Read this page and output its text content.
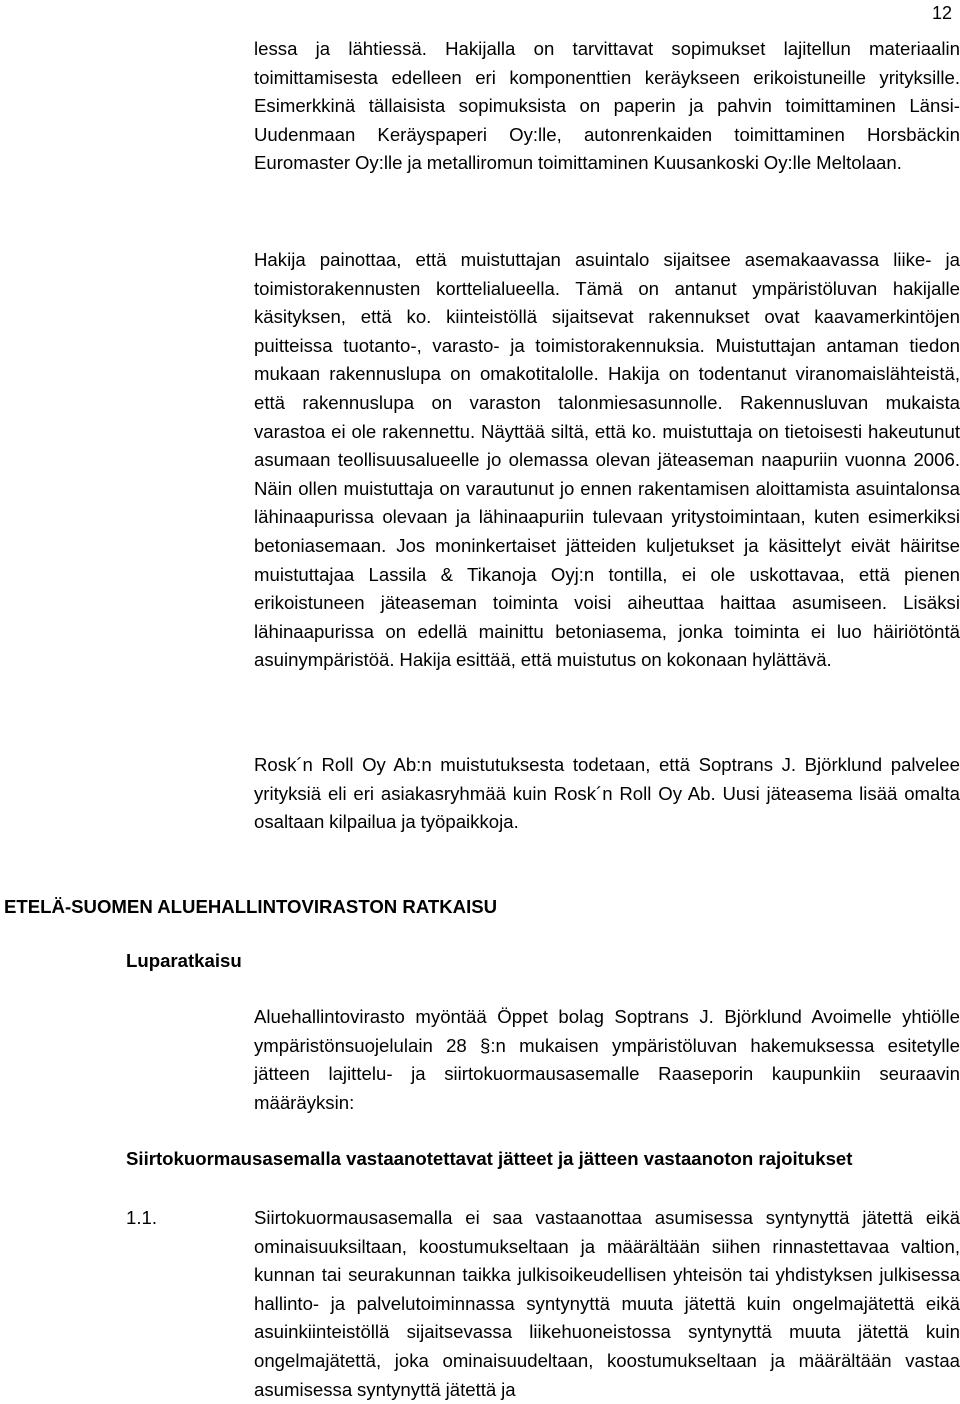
12
lessa ja lähtiessä. Hakijalla on tarvittavat sopimukset lajitellun materiaalin toimittamisesta edelleen eri komponenttien keräykseen erikoistuneille yrityksille. Esimerkkinä tällaisista sopimuksista on paperin ja pahvin toimittaminen Länsi-Uudenmaan Keräyspaperi Oy:lle, autonrenkaiden toimittaminen Horsbäckin Euromaster Oy:lle ja metalliromun toimittaminen Kuusankoski Oy:lle Meltolaan.
Hakija painottaa, että muistuttajan asuintalo sijaitsee asemakaavassa liike- ja toimistorakennusten korttelialueella. Tämä on antanut ympäristöluvan hakijalle käsityksen, että ko. kiinteistöllä sijaitsevat rakennukset ovat kaavamerkintöjen puitteissa tuotanto-, varasto- ja toimistorakennuksia. Muistuttajan antaman tiedon mukaan rakennuslupa on omakotitalolle. Hakija on todentanut viranomaislähteistä, että rakennuslupa on varaston talonmiesasunnolle. Rakennusluvan mukaista varastoa ei ole rakennettu. Näyttää siltä, että ko. muistuttaja on tietoisesti hakeutunut asumaan teollisuusalueelle jo olemassa olevan jäteaseman naapuriin vuonna 2006. Näin ollen muistuttaja on varautunut jo ennen rakentamisen aloittamista asuintalonsa lähinaapurissa olevaan ja lähinaapuriin tulevaan yritystoimintaan, kuten esimerkiksi betoniasemaan. Jos moninkertaiset jätteiden kuljetukset ja käsittelyt eivät häiritse muistuttajaa Lassila & Tikanoja Oyj:n tontilla, ei ole uskottavaa, että pienen erikoistuneen jäteaseman toiminta voisi aiheuttaa haittaa asumiseen. Lisäksi lähinaapurissa on edellä mainittu betoniasema, jonka toiminta ei luo häiriötöntä asuinympäristöä. Hakija esittää, että muistutus on kokonaan hylättävä.
Rosk´n Roll Oy Ab:n muistutuksesta todetaan, että Soptrans J. Björklund palvelee yrityksiä eli eri asiakasryhmää kuin Rosk´n Roll Oy Ab. Uusi jäteasema lisää omalta osaltaan kilpailua ja työpaikkoja.
ETELÄ-SUOMEN ALUEHALLINTOVIRASTON RATKAISU
Luparatkaisu
Aluehallintovirasto myöntää Öppet bolag Soptrans J. Björklund Avoimelle yhtiölle ympäristönsuojelulain 28 §:n mukaisen ympäristöluvan hakemuksessa esitetylle jätteen lajittelu- ja siirtokuormausasemalle Raaseporin kaupunkiin seuraavin määräyksin:
Siirtokuormausasemalla vastaanotettavat jätteet ja jätteen vastaanoton rajoitukset
1.1.	Siirtokuormausasemalla ei saa vastaanottaa asumisessa syntynyttä jätettä eikä ominaisuuksiltaan, koostumukseltaan ja määrältään siihen rinnastettavaa valtion, kunnan tai seurakunnan taikka julkisoikeudellisen yhteisön tai yhdistyksen julkisessa hallinto- ja palvelutoiminnassa syntynyttä muuta jätettä kuin ongelmajätettä eikä asuinkiinteistöllä sijaitsevassa liikehuoneistossa syntynyttä muuta jätettä kuin ongelmajätettä, joka ominaisuudeltaan, koostumukseltaan ja määrältään vastaa asumisessa syntynyttä jätettä ja
